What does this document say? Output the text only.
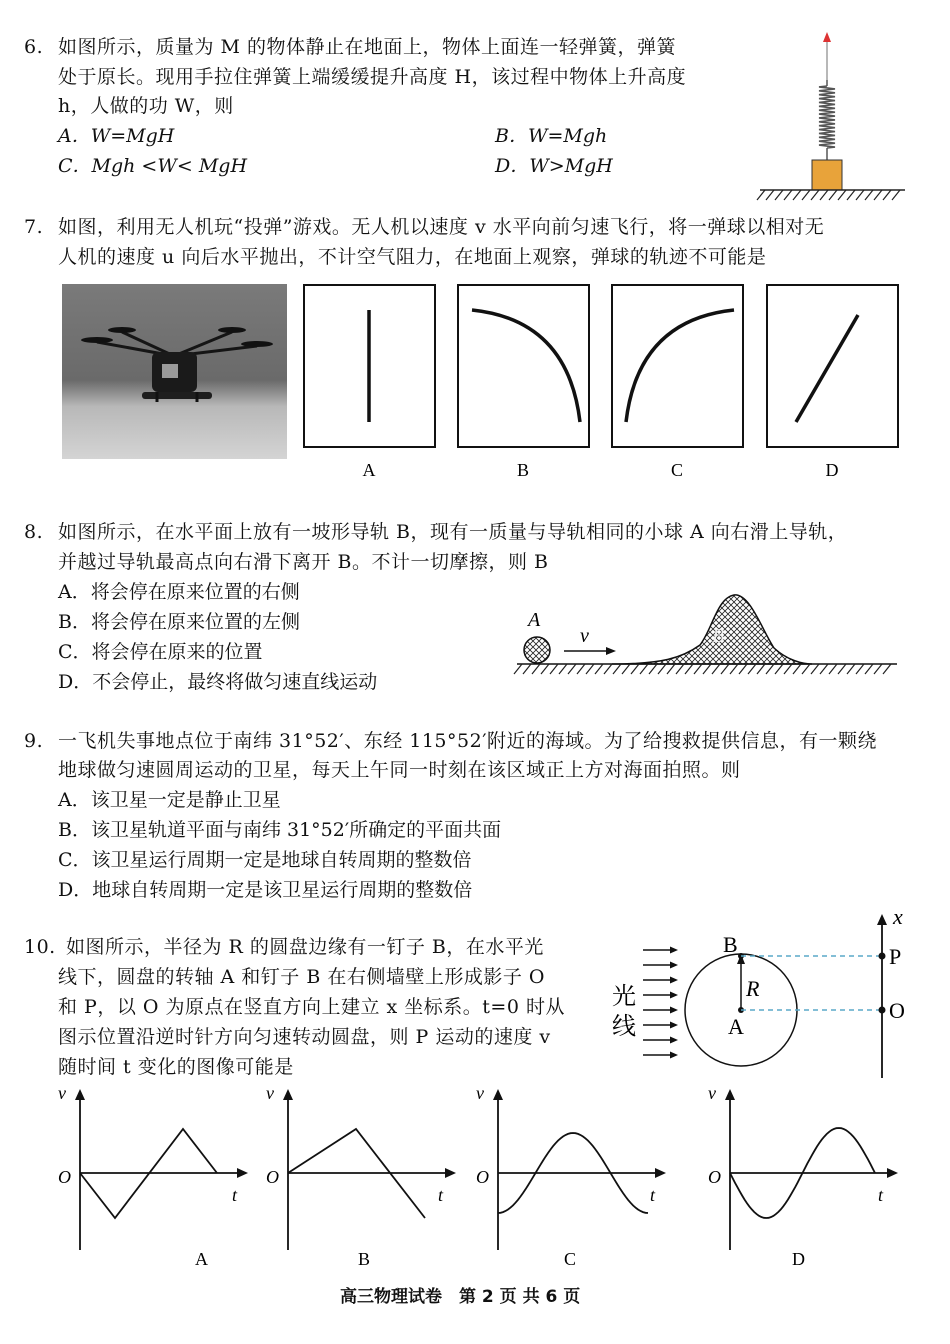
6. 如图所示，质量为 M 的物体静止在地面上，物体上面连一轻弹簧，弹簧
处于原长。现用手拉住弹簧上端缓缓提升高度 H，该过程中物体上升高度
h，人做的功 W，则
A．W=MgH	B．W=Mgh
C．Mgh <W< MgH	D．W>MgH
7. 如图，利用无人机玩“投弹”游戏。无人机以速度 v 水平向前匀速飞行，将一弹球以相对无
人机的速度 u 向后水平抛出，不计空气阻力，在地面上观察，弹球的轨迹不可能是
A	B	C	D
8. 如图所示，在水平面上放有一坡形导轨 B，现有一质量与导轨相同的小球 A 向右滑上导轨，
并越过导轨最高点向右滑下离开 B。不计一切摩擦，则 B
A．将会停在原来位置的右侧
B．将会停在原来位置的左侧
C．将会停在原来的位置
D．不会停止，最终将做匀速直线运动
A
v	B
9. 一飞机失事地点位于南纬 31°52′、东经 115°52′附近的海域。为了给搜救提供信息，有一颗绕
地球做匀速圆周运动的卫星，每天上午同一时刻在该区域正上方对海面拍照。则
A．该卫星一定是静止卫星
B．该卫星轨道平面与南纬 31°52′所确定的平面共面
C．该卫星运行周期一定是地球自转周期的整数倍
D．地球自转周期一定是该卫星运行周期的整数倍
10. 如图所示，半径为 R 的圆盘边缘有一钉子 B，在水平光
线下，圆盘的转轴 A 和钉子 B 在右侧墙壁上形成影子 O
和 P，以 O 为原点在竖直方向上建立 x 坐标系。t=0 时从
图示位置沿逆时针方向匀速转动圆盘，则 P 运动的速度 v
随时间 t 变化的图像可能是
光
线
B
R
A
x
P
O
v
O
t
A
v
O
t
B
v
O
t
C
v
O
t
D
高三物理试卷　第 2 页 共 6 页
